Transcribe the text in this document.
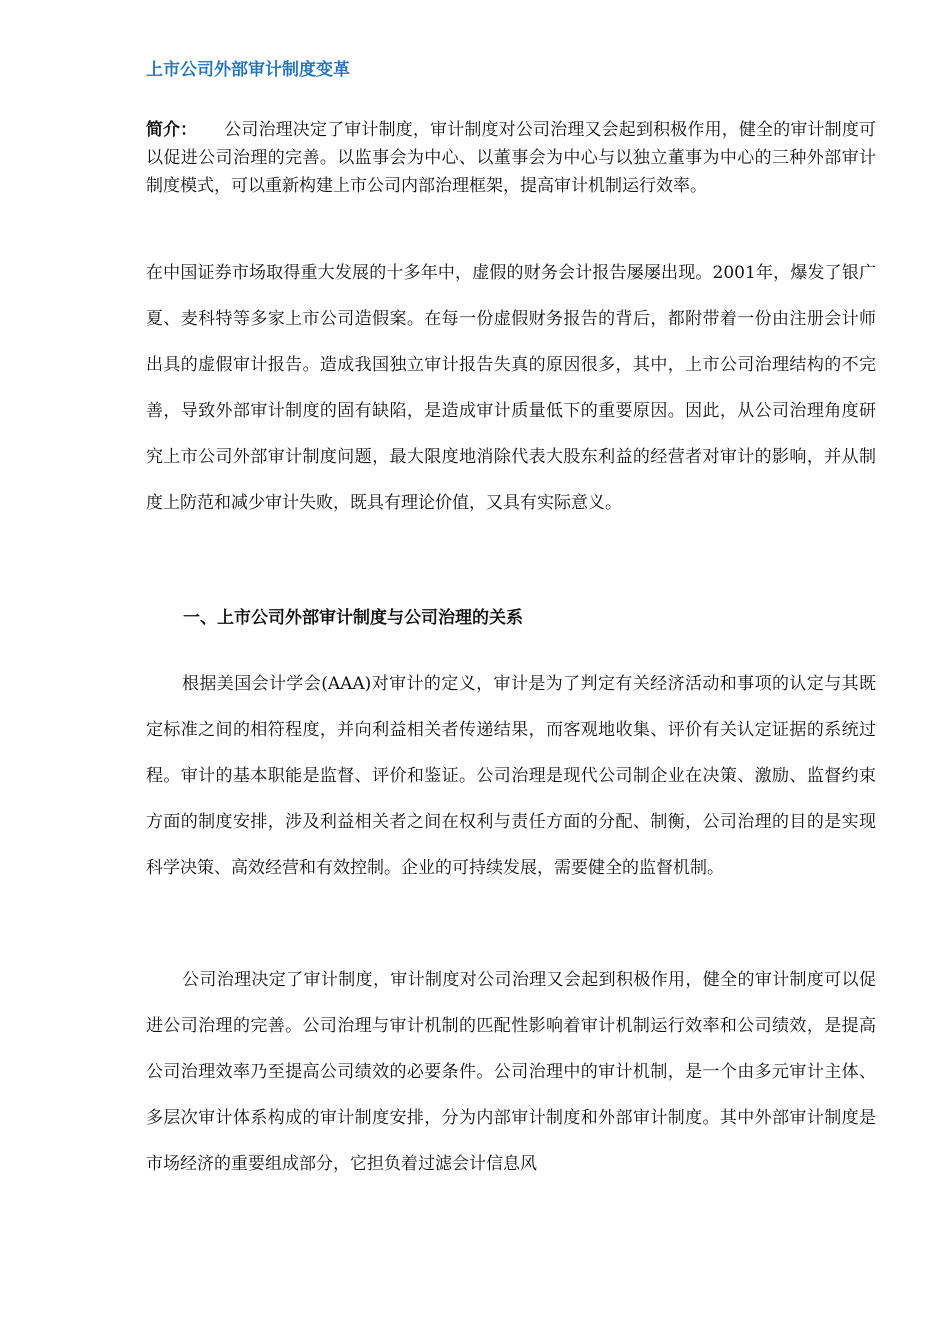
上市公司外部审计制度变革

简介： 公司治理决定了审计制度，审计制度对公司治理又会起到积极作用，健全的审计制度可以促进公司治理的完善。以监事会为中心、以董事会为中心与以独立董事为中心的三种外部审计制度模式，可以重新构建上市公司内部治理框架，提高审计机制运行效率。

在中国证券市场取得重大发展的十多年中，虚假的财务会计报告屡屡出现。2001年，爆发了银广夏、麦科特等多家上市公司造假案。在每一份虚假财务报告的背后，都附带着一份由注册会计师出具的虚假审计报告。造成我国独立审计报告失真的原因很多，其中，上市公司治理结构的不完善，导致外部审计制度的固有缺陷，是造成审计质量低下的重要原因。因此，从公司治理角度研究上市公司外部审计制度问题，最大限度地消除代表大股东利益的经营者对审计的影响，并从制度上防范和减少审计失败，既具有理论价值，又具有实际意义。

一、上市公司外部审计制度与公司治理的关系

根据美国会计学会(AAA)对审计的定义，审计是为了判定有关经济活动和事项的认定与其既定标准之间的相符程度，并向利益相关者传递结果，而客观地收集、评价有关认定证据的系统过程。审计的基本职能是监督、评价和鉴证。公司治理是现代公司制企业在决策、激励、监督约束方面的制度安排，涉及利益相关者之间在权利与责任方面的分配、制衡，公司治理的目的是实现科学决策、高效经营和有效控制。企业的可持续发展，需要健全的监督机制。

公司治理决定了审计制度，审计制度对公司治理又会起到积极作用，健全的审计制度可以促进公司治理的完善。公司治理与审计机制的匹配性影响着审计机制运行效率和公司绩效，是提高公司治理效率乃至提高公司绩效的必要条件。公司治理中的审计机制，是一个由多元审计主体、多层次审计体系构成的审计制度安排，分为内部审计制度和外部审计制度。其中外部审计制度是市场经济的重要组成部分，它担负着过滤会计信息风
